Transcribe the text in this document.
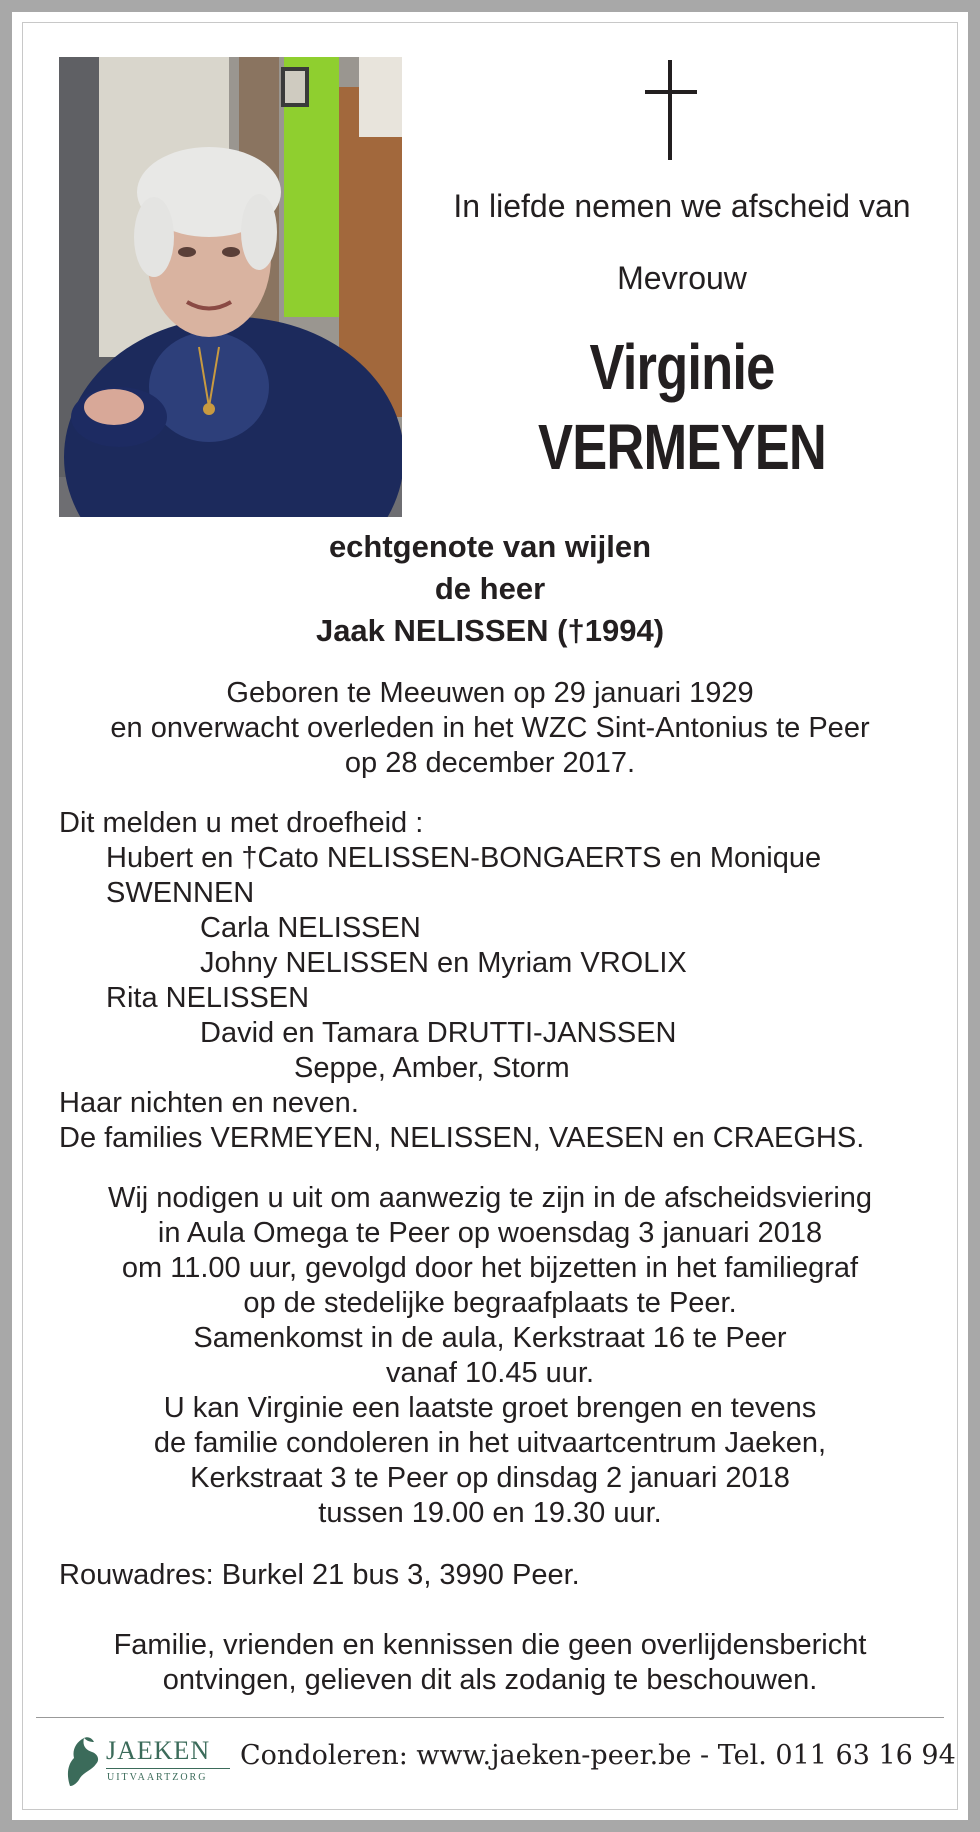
In liefde nemen we afscheid van
Mevrouw
Virginie
VERMEYEN
echtgenote van wijlen
de heer
Jaak NELISSEN (†1994)
Geboren te Meeuwen op 29 januari 1929
en onverwacht overleden in het WZC Sint-Antonius te Peer
op 28 december 2017.
Dit melden u met droefheid :
Hubert en †Cato NELISSEN-BONGAERTS en Monique
SWENNEN
Carla NELISSEN
Johny NELISSEN en Myriam VROLIX
Rita NELISSEN
David en Tamara DRUTTI-JANSSEN
Seppe, Amber, Storm
Haar nichten en neven.
De families VERMEYEN, NELISSEN, VAESEN en CRAEGHS.
Wij nodigen u uit om aanwezig te zijn in de afscheidsviering
in Aula Omega te Peer op woensdag 3 januari 2018
om 11.00 uur, gevolgd door het bijzetten in het familiegraf
op de stedelijke begraafplaats te Peer.
Samenkomst in de aula, Kerkstraat 16 te Peer
vanaf 10.45 uur.
U kan Virginie een laatste groet brengen en tevens
de familie condoleren in het uitvaartcentrum Jaeken,
Kerkstraat 3 te Peer op dinsdag 2 januari 2018
tussen 19.00 en 19.30 uur.
Rouwadres: Burkel 21 bus 3, 3990 Peer.
Familie, vrienden en kennissen die geen overlijdensbericht
ontvingen, gelieven dit als zodanig te beschouwen.
JAEKEN
UITVAARTZORG
Condoleren: www.jaeken-peer.be - Tel. 011 63 16 94
